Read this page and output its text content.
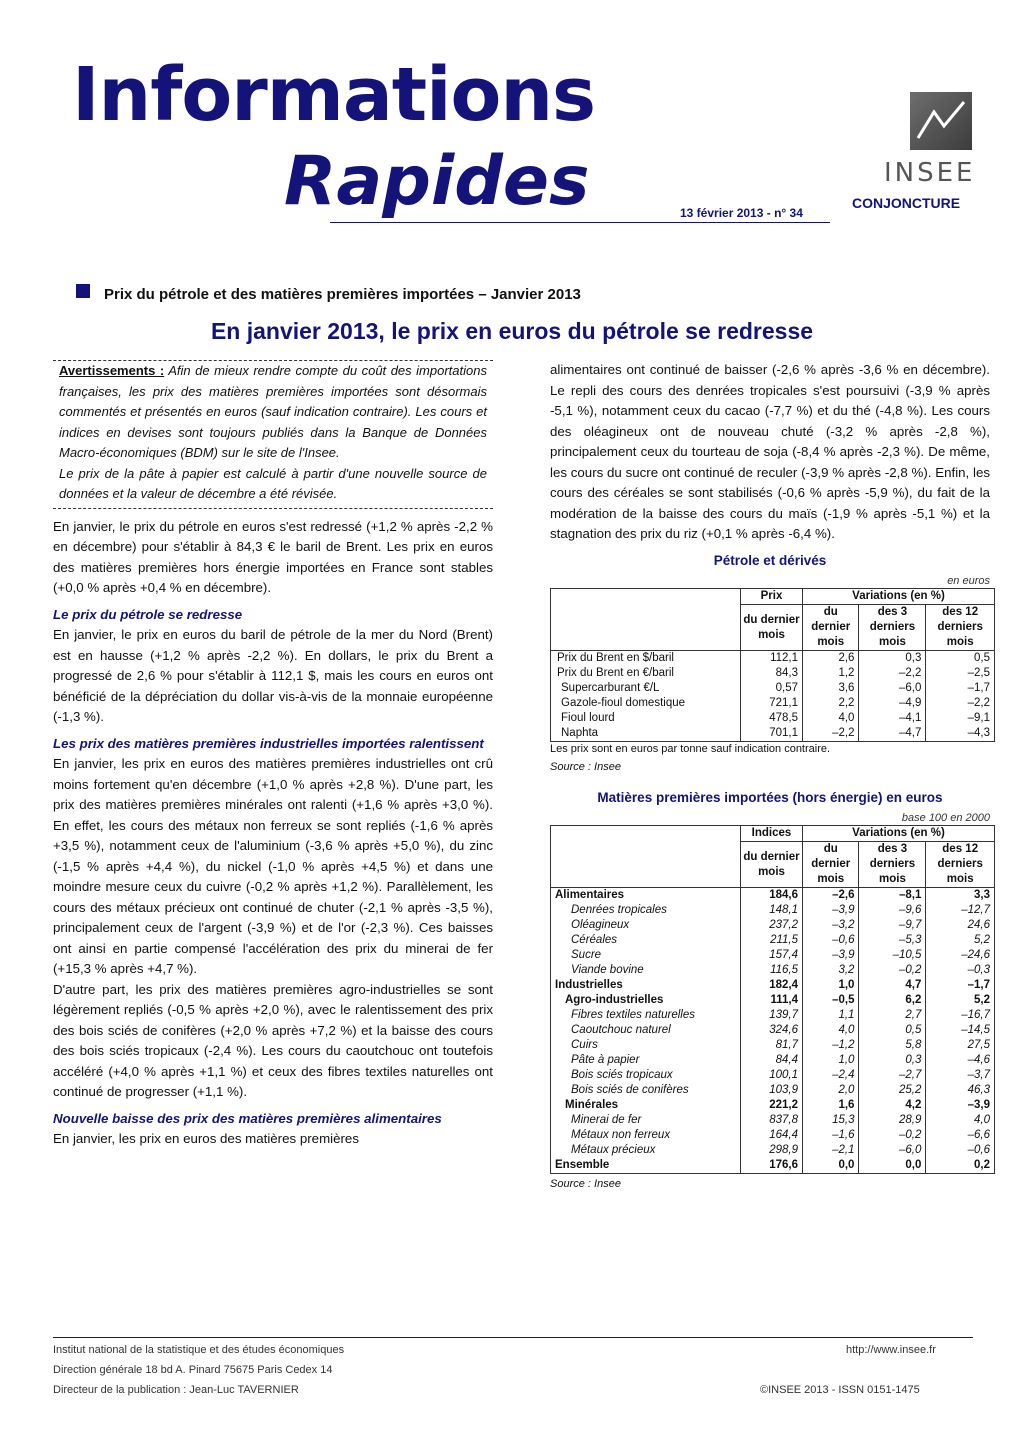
Informations
Rapides	13 février 2013 - n° 34
INSEE
CONJONCTURE
Prix du pétrole et des matières premières importées – Janvier 2013
En janvier 2013, le prix en euros du pétrole se redresse
Avertissements : Afin de mieux rendre compte du coût des importations françaises, les prix des matières premières importées sont désormais commentés et présentés en euros (sauf indication contraire). Les cours et indices en devises sont toujours publiés dans la Banque de Données Macro-économiques (BDM) sur le site de l'Insee.
Le prix de la pâte à papier est calculé à partir d'une nouvelle source de données et la valeur de décembre a été révisée.

En janvier, le prix du pétrole en euros s'est redressé (+1,2 % après -2,2 % en décembre) pour s'établir à 84,3 € le baril de Brent. Les prix en euros des matières premières hors énergie importées en France sont stables (+0,0 % après +0,4 % en décembre).

Le prix du pétrole se redresse

En janvier, le prix en euros du baril de pétrole de la mer du Nord (Brent) est en hausse (+1,2 % après -2,2 %). En dollars, le prix du Brent a progressé de 2,6 % pour s'établir à 112,1 $, mais les cours en euros ont bénéficié de la dépréciation du dollar vis-à-vis de la monnaie européenne (-1,3 %).

Les prix des matières premières industrielles importées ralentissent

En janvier, les prix en euros des matières premières industrielles ont crû moins fortement qu'en décembre (+1,0 % après +2,8 %). D'une part, les prix des matières premières minérales ont ralenti (+1,6 % après +3,0 %). En effet, les cours des métaux non ferreux se sont repliés (-1,6 % après +3,5 %), notamment ceux de l'aluminium (-3,6 % après +5,0 %), du zinc (-1,5 % après +4,4 %), du nickel (-1,0 % après +4,5 %) et dans une moindre mesure ceux du cuivre (-0,2 % après +1,2 %). Parallèlement, les cours des métaux précieux ont continué de chuter (-2,1 % après -3,5 %), principalement ceux de l'argent (-3,9 %) et de l'or (-2,3 %). Ces baisses ont ainsi en partie compensé l'accélération des prix du minerai de fer (+15,3 % après +4,7 %).

D'autre part, les prix des matières premières agro-industrielles se sont légèrement repliés (-0,5 % après +2,0 %), avec le ralentissement des prix des bois sciés de conifères (+2,0 % après +7,2 %) et la baisse des cours des bois sciés tropicaux (-2,4 %). Les cours du caoutchouc ont toutefois accéléré (+4,0 % après +1,1 %) et ceux des fibres textiles naturelles ont continué de progresser (+1,1 %).

Nouvelle baisse des prix des matières premières alimentaires

En janvier, les prix en euros des matières premières

alimentaires ont continué de baisser (-2,6 % après -3,6 % en décembre). Le repli des cours des denrées tropicales s'est poursuivi (-3,9 % après -5,1 %), notamment ceux du cacao (-7,7 %) et du thé (-4,8 %). Les cours des oléagineux ont de nouveau chuté (-3,2 % après -2,8 %), principalement ceux du tourteau de soja (-8,4 % après -2,3 %). De même, les cours du sucre ont continué de reculer (-3,9 % après -2,8 %). Enfin, les cours des céréales se sont stabilisés (-0,6 % après -5,9 %), du fait de la modération de la baisse des cours du maïs (-1,9 % après -5,1 %) et la stagnation des prix du riz (+0,1 % après -6,4 %).

Pétrole et dérivés
en euros
	Prix	Variations (en %)		
	du dernier mois	du dernier mois	des 3 derniers mois	des 12 derniers mois
Prix du Brent en $/baril	112,1	2,6	0,3	0,5
Prix du Brent en €/baril	84,3	1,2	–2,2	–2,5
Supercarburant €/L	0,57	3,6	–6,0	–1,7
Gazole-fioul domestique	721,1	2,2	–4,9	–2,2
Fioul lourd	478,5	4,0	–4,1	–9,1
Naphta	701,1	–2,2	–4,7	–4,3
Les prix sont en euros par tonne sauf indication contraire.
Source : Insee
Matières premières importées (hors énergie) en euros
base 100 en 2000
	Indices	Variations (en %)		
	du dernier mois	du dernier mois	des 3 derniers mois	des 12 derniers mois
Alimentaires	184,6	–2,6	–8,1	3,3
Denrées tropicales	148,1	–3,9	–9,6	–12,7
Oléagineux	237,2	–3,2	–9,7	24,6
Céréales	211,5	–0,6	–5,3	5,2
Sucre	157,4	–3,9	–10,5	–24,6
Viande bovine	116,5	3,2	–0,2	–0,3
Industrielles	182,4	1,0	4,7	–1,7
Agro-industrielles	111,4	–0,5	6,2	5,2
Fibres textiles naturelles	139,7	1,1	2,7	–16,7
Caoutchouc naturel	324,6	4,0	0,5	–14,5
Cuirs	81,7	–1,2	5,8	27,5
Pâte à papier	84,4	1,0	0,3	–4,6
Bois sciés tropicaux	100,1	–2,4	–2,7	–3,7
Bois sciés de conifères	103,9	2,0	25,2	46,3
Minérales	221,2	1,6	4,2	–3,9
Minerai de fer	837,8	15,3	28,9	4,0
Métaux non ferreux	164,4	–1,6	–0,2	–6,6
Métaux précieux	298,9	–2,1	–6,0	–0,6
Ensemble	176,6	0,0	0,0	0,2
Source : Insee
Institut national de la statistique et des études économiques
Direction générale 18 bd A. Pinard 75675 Paris Cedex 14
Directeur de la publication : Jean-Luc TAVERNIER
http://www.insee.fr
©INSEE 2013 - ISSN 0151-1475
